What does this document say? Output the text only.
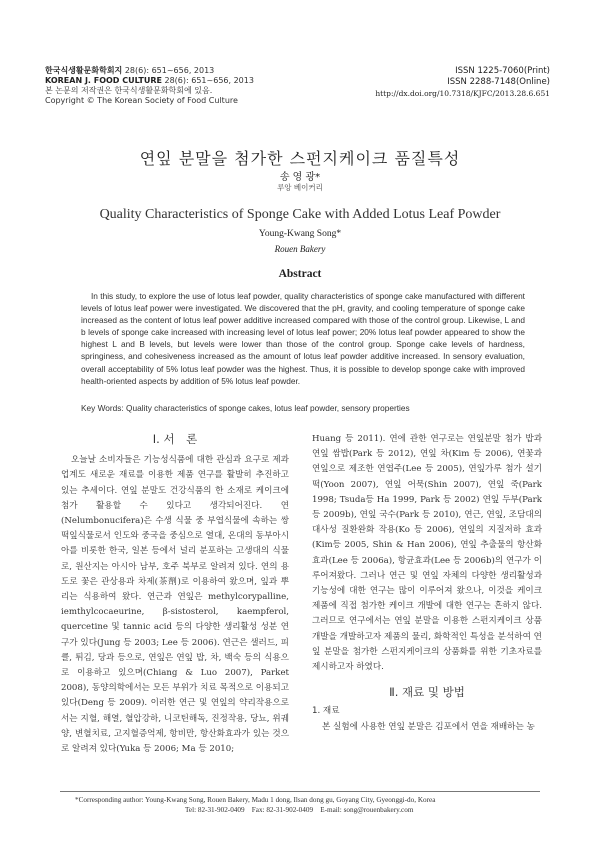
한국식생활문화학회지 28(6): 651~656, 2013
KOREAN J. FOOD CULTURE 28(6): 651~656, 2013
본 논문의 저작권은 한국식생활문화학회에 있음.
Copyright © The Korean Society of Food Culture
ISSN 1225-7060(Print)
ISSN 2288-7148(Online)
http://dx.doi.org/10.7318/KJFC/2013.28.6.651
연잎 분말을 첨가한 스펀지케이크 품질특성
송 영 광*
루앙 베이커리
Quality Characteristics of Sponge Cake with Added Lotus Leaf Powder
Young-Kwang Song*
Rouen Bakery
Abstract
In this study, to explore the use of lotus leaf powder, quality characteristics of sponge cake manufactured with different levels of lotus leaf power were investigated. We discovered that the pH, gravity, and cooling temperature of sponge cake increased as the content of lotus leaf power additive increased compared with those of the control group. Likewise, L and b levels of sponge cake increased with increasing level of lotus leaf power; 20% lotus leaf powder appeared to show the highest L and B levels, but levels were lower than those of the control group. Sponge cake levels of hardness, springiness, and cohesiveness increased as the amount of lotus leaf powder additive increased. In sensory evaluation, overall acceptability of 5% lotus leaf powder was the highest. Thus, it is possible to develop sponge cake with improved health-oriented aspects by addition of 5% lotus leaf powder.
Key Words: Quality characteristics of sponge cakes, lotus leaf powder, sensory properties
Ⅰ. 서　론

오늘날 소비자들은 기능성식품에 대한 관심과 요구로 제과업계도 새로운 재료를 이용한 제품 연구를 활발히 추진하고 있는 추세이다. 연잎 분말도 건강식품의 한 소재로 케이크에 첨가 활용할 수 있다고 생각되어진다. 연(Nelumbonucifera)은 수생 식물 중 부엽식물에 속하는 쌍떡잎식물로서 인도와 중국을 중심으로 열대, 온대의 동부아시아를 비롯한 한국, 일본 등에서 널리 분포하는 고생대의 식물로, 원산지는 아시아 남부, 호주 북부로 알려져 있다. 연의 용도로 꽃은 관상용과 차제(茶劑)로 이용하여 왔으며, 잎과 뿌리는 식용하여 왔다. 연근과 연잎은 methylcorypalline, iemthylcocaeurine, β-sistosterol, kaempferol, quercetine 및 tannic acid 등의 다양한 생리활성 성분 연구가 있다(Jung 등 2003; Lee 등 2006). 연근은 샐러드, 피클, 튀김, 당과 등으로, 연잎은 연잎 밥, 차, 백숙 등의 식용으로 이용하고 있으며(Chiang & Luo 2007), Parket 2008), 동양의학에서는 모든 부위가 치료 목적으로 이용되고 있다(Deng 등 2009). 이러한 연근 및 연잎의 약리작용으로서는 지혈, 해열, 혈압강하, 니코틴해독, 진정작용, 당뇨, 위궤양, 변혈치료, 고지혈증억제, 항비만, 항산화효과가 있는 것으로 알려져 있다(Yuka 등 2006; Ma 등 2010;

Huang 등 2011). 연에 관한 연구로는 연잎분말 첨가 밥과 연잎 쌈밥(Park 등 2012), 연잎 차(Kim 등 2006), 연꽃과 연잎으로 제조한 연엽주(Lee 등 2005), 연잎가루 첨가 설기떡(Yoon 2007), 연잎 어묵(Shin 2007), 연잎 죽(Park 1998; Tsuda등 Ha 1999, Park 등 2002) 연잎 두부(Park 등 2009b), 연잎 국수(Park 등 2010), 연근, 연잎, 조담대의 대사성 질환완화 작용(Ko 등 2006), 연잎의 지질저하 효과(Kim등 2005, Shin & Han 2006), 연잎 추출물의 항산화 효과(Lee 등 2006a), 항균효과(Lee 등 2006b)의 연구가 이루어져왔다. 그러나 연근 및 연잎 자체의 다양한 생리활성과 기능성에 대한 연구는 많이 이루어져 왔으나, 이것을 케이크 제품에 직접 첨가한 케이크 개발에 대한 연구는 흔하지 않다. 그러므로 연구에서는 연잎 분말을 이용한 스펀지케이크 상품개발을 개발하고자 제품의 물리, 화학적인 특성을 분석하여 연잎 분말을 첨가한 스펀지케이크의 상품화를 위한 기초자료를 제시하고자 하였다.

Ⅱ. 재료 및 방법
1. 재료

본 실험에 사용한 연잎 분말은 김포에서 연을 재배하는 농

*Corresponding author: Young-Kwang Song, Rouen Bakery, Madu 1 dong, Ilsan dong gu, Goyang City, Gyeonggi-do, Korea
Tel: 82-31-902-0409　Fax: 82-31-902-0409　E-mail: song@rouenbakery.com
